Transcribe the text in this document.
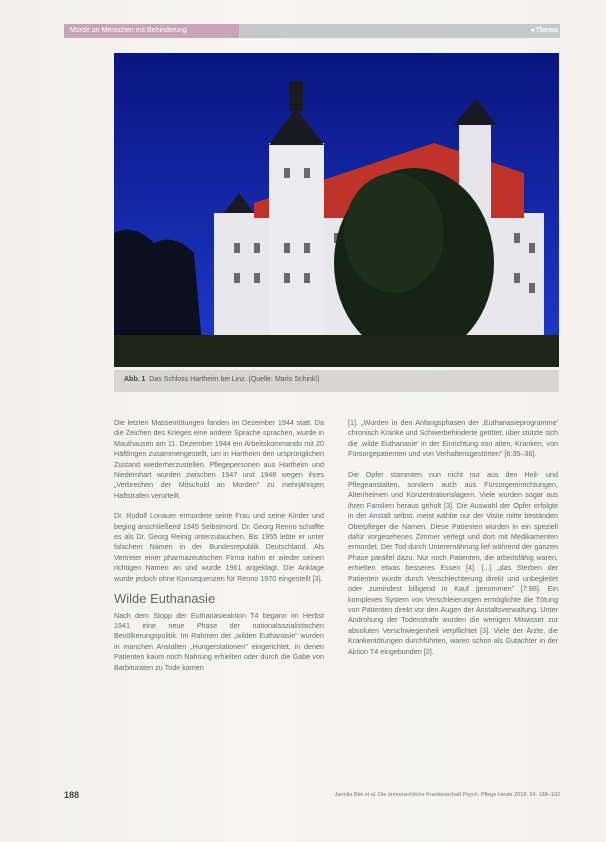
Morde an Menschen mit Behinderung	● Thema
Abb. 1 Das Schloss Hartheim bei Linz. (Quelle: Mario Schinkl)

Die letzten Massentötungen fanden im Dezember 1944 statt. Da die Zeichen des Krieges eine andere Sprache sprachen, wurde in Mauthausen am 11. Dezember 1944 ein Arbeitskommando mit 20 Häftlingen zusammengestellt, um in Hartheim den ursprünglichen Zustand wiederherzustellen. Pflegepersonen aus Hartheim und Niedernhart wurden zwischen 1947 und 1948 wegen ihres „Verbrechen der Mitschuld an Morden" zu mehrjährigen Haftstrafen verurteilt.

Dr. Rudolf Lonauer ermordete seine Frau und seine Kinder und beging anschließend 1945 Selbstmord. Dr. Georg Renno schaffte es als Dr. Georg Reinig unterzutauchen. Bis 1955 lebte er unter falschem Namen in der Bundesrepublik Deutschland. Als Vertreter einer pharmazeutischen Firma nahm er wieder seinen richtigen Namen an und wurde 1961 angeklagt. Die Anklage wurde jedoch ohne Konsequenzen für Renno 1970 eingestellt [3].

Wilde Euthanasie

Nach dem Stopp der Euthanasieaktion T4 begann im Herbst 1941 eine neue Phase der nationalsozialistischen Bevölkerungspolitik. Im Rahmen der „wilden Euthanasie" wurden in manchen Anstalten „Hungerstationen" eingerichtet, in denen Patienten kaum noch Nahrung erhielten oder durch die Gabe von Barbituraten zu Tode kamen

[1]. „Wurden in den Anfangsphasen der ,Euthanasieprogramme' chronisch Kranke und Schwerbehinderte getötet, über stützte sich die ,wilde Euthanasie' in der Einrichtung von alten, Kranken, von Fürsorgepatienten und von Verhaltensgestörten" [6:35–36].

Die Opfer stammten nun nicht nur aus den Heil- und Pflegeanstalten, sondern auch aus Fürsorgeeinrichtungen, Altenheimen und Konzentrationslagern. Viele wurden sogar aus ihren Familien heraus geholt [3]. Die Auswahl der Opfer erfolgte in der Anstalt selbst, meist wählte nur der Visite mitte beständen Oberpfleger die Namen. Diese Patienten wurden in ein speziell dafür vorgesehenes Zimmer verlegt und dort mit Medikamenten ermordet. Der Tod durch Unterernährung lief während der ganzen Phase parallel dazu. Nur noch Patienten, die arbeitsfähig waren, erhielten etwas besseres Essen [4]. [...] „das Sterben der Patienten wurde durch Verschlechterung direkt und unbegleitet oder zumindest billigend in Kauf genommen" [7:88]. Ein komplexes System von Verschleierungen ermöglichte die Tötung von Patienten direkt vor den Augen der Anstaltsverwaltung. Unter Androhung der Todesstrafe wurden die wenigen Mitwisser zur absoluten Verschwiegenheit verpflichtet [3]. Viele der Ärzte, die Krankentötungen durchführten, waren schon als Gutachter in der Aktion T4 eingebunden [2].

188	Jarmila Blei et al. Die unmenschliche Krankenschaft Psych. Pflege Heute 2018; 24: 188–192
